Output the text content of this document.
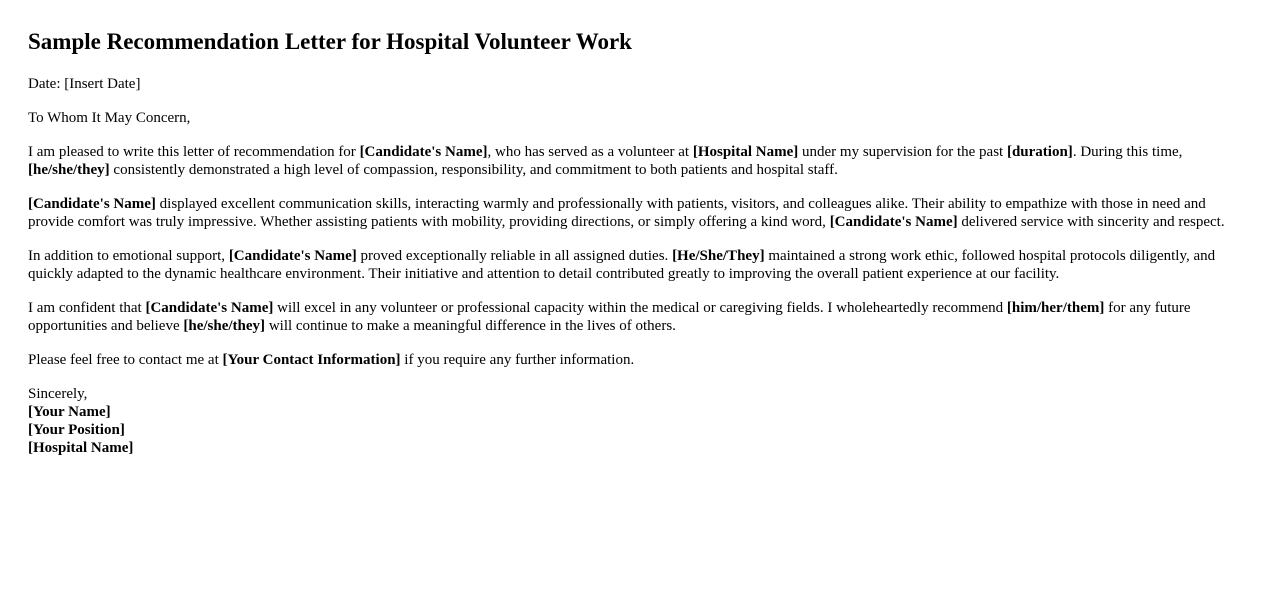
Sample Recommendation Letter for Hospital Volunteer Work

Date: [Insert Date]

To Whom It May Concern,

I am pleased to write this letter of recommendation for [Candidate's Name], who has served as a volunteer at [Hospital Name] under my supervision for the past [duration]. During this time, [he/she/they] consistently demonstrated a high level of compassion, responsibility, and commitment to both patients and hospital staff.

[Candidate's Name] displayed excellent communication skills, interacting warmly and professionally with patients, visitors, and colleagues alike. Their ability to empathize with those in need and provide comfort was truly impressive. Whether assisting patients with mobility, providing directions, or simply offering a kind word, [Candidate's Name] delivered service with sincerity and respect.

In addition to emotional support, [Candidate's Name] proved exceptionally reliable in all assigned duties. [He/She/They] maintained a strong work ethic, followed hospital protocols diligently, and quickly adapted to the dynamic healthcare environment. Their initiative and attention to detail contributed greatly to improving the overall patient experience at our facility.

I am confident that [Candidate's Name] will excel in any volunteer or professional capacity within the medical or caregiving fields. I wholeheartedly recommend [him/her/them] for any future opportunities and believe [he/she/they] will continue to make a meaningful difference in the lives of others.

Please feel free to contact me at [Your Contact Information] if you require any further information.

Sincerely,
[Your Name]
[Your Position]
[Hospital Name]
